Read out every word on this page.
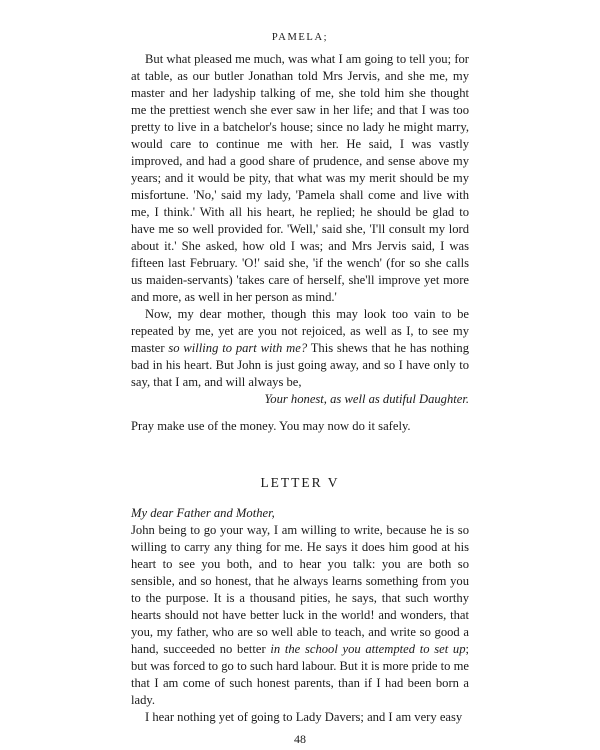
PAMELA;

But what pleased me much, was what I am going to tell you; for at table, as our butler Jonathan told Mrs Jervis, and she me, my master and her ladyship talking of me, she told him she thought me the prettiest wench she ever saw in her life; and that I was too pretty to live in a batchelor's house; since no lady he might marry, would care to continue me with her. He said, I was vastly improved, and had a good share of prudence, and sense above my years; and it would be pity, that what was my merit should be my misfortune. 'No,' said my lady, 'Pamela shall come and live with me, I think.' With all his heart, he replied; he should be glad to have me so well provided for. 'Well,' said she, 'I'll consult my lord about it.' She asked, how old I was; and Mrs Jervis said, I was fifteen last February. 'O!' said she, 'if the wench' (for so she calls us maiden-servants) 'takes care of herself, she'll improve yet more and more, as well in her person as mind.'

Now, my dear mother, though this may look too vain to be repeated by me, yet are you not rejoiced, as well as I, to see my master so willing to part with me? This shews that he has nothing bad in his heart. But John is just going away, and so I have only to say, that I am, and will always be,

Your honest, as well as dutiful Daughter.

Pray make use of the money. You may now do it safely.

LETTER V

My dear Father and Mother,

John being to go your way, I am willing to write, because he is so willing to carry any thing for me. He says it does him good at his heart to see you both, and to hear you talk: you are both so sensible, and so honest, that he always learns something from you to the purpose. It is a thousand pities, he says, that such worthy hearts should not have better luck in the world! and wonders, that you, my father, who are so well able to teach, and write so good a hand, succeeded no better in the school you attempted to set up; but was forced to go to such hard labour. But it is more pride to me that I am come of such honest parents, than if I had been born a lady.

I hear nothing yet of going to Lady Davers; and I am very easy

48
